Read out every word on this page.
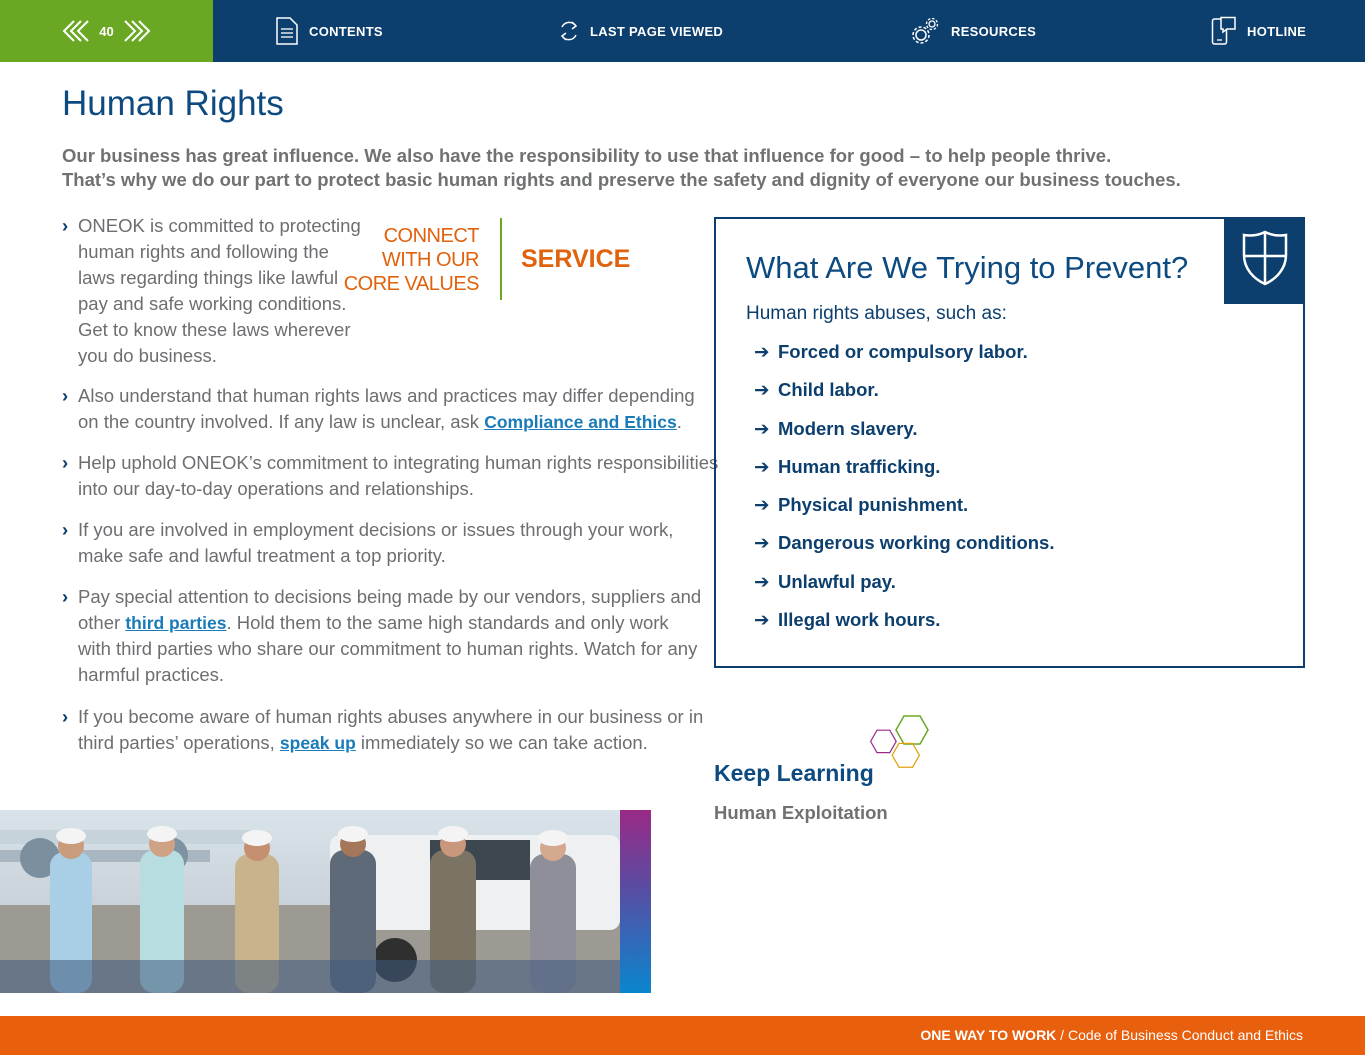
40	CONTENTS	LAST PAGE VIEWED	RESOURCES	HOTLINE
Human Rights
Our business has great influence. We also have the responsibility to use that influence for good – to help people thrive.
That’s why we do our part to protect basic human rights and preserve the safety and dignity of everyone our business touches.
› ONEOK is committed to protecting
human rights and following the
laws regarding things like lawful
pay and safe working conditions.
Get to know these laws wherever
you do business.
› Also understand that human rights laws and practices may differ depending
on the country involved. If any law is unclear, ask Compliance and Ethics.
› Help uphold ONEOK’s commitment to integrating human rights responsibilities
into our day-to-day operations and relationships.
› If you are involved in employment decisions or issues through your work,
make safe and lawful treatment a top priority.
› Pay special attention to decisions being made by our vendors, suppliers and
other third parties. Hold them to the same high standards and only work
with third parties who share our commitment to human rights. Watch for any
harmful practices.
› If you become aware of human rights abuses anywhere in our business or in
third parties’ operations, speak up immediately so we can take action.
CONNECT
WITH OUR
CORE VALUES
SERVICE	What Are We Trying to Prevent?
Human rights abuses, such as:
➔ Forced or compulsory labor.
➔ Child labor.
➔ Modern slavery.
➔ Human trafficking.
➔ Physical punishment.
➔ Dangerous working conditions.
➔ Unlawful pay.
➔ Illegal work hours.
Keep Learning
Human Exploitation
ONE WAY TO WORK / Code of Business Conduct and Ethics
